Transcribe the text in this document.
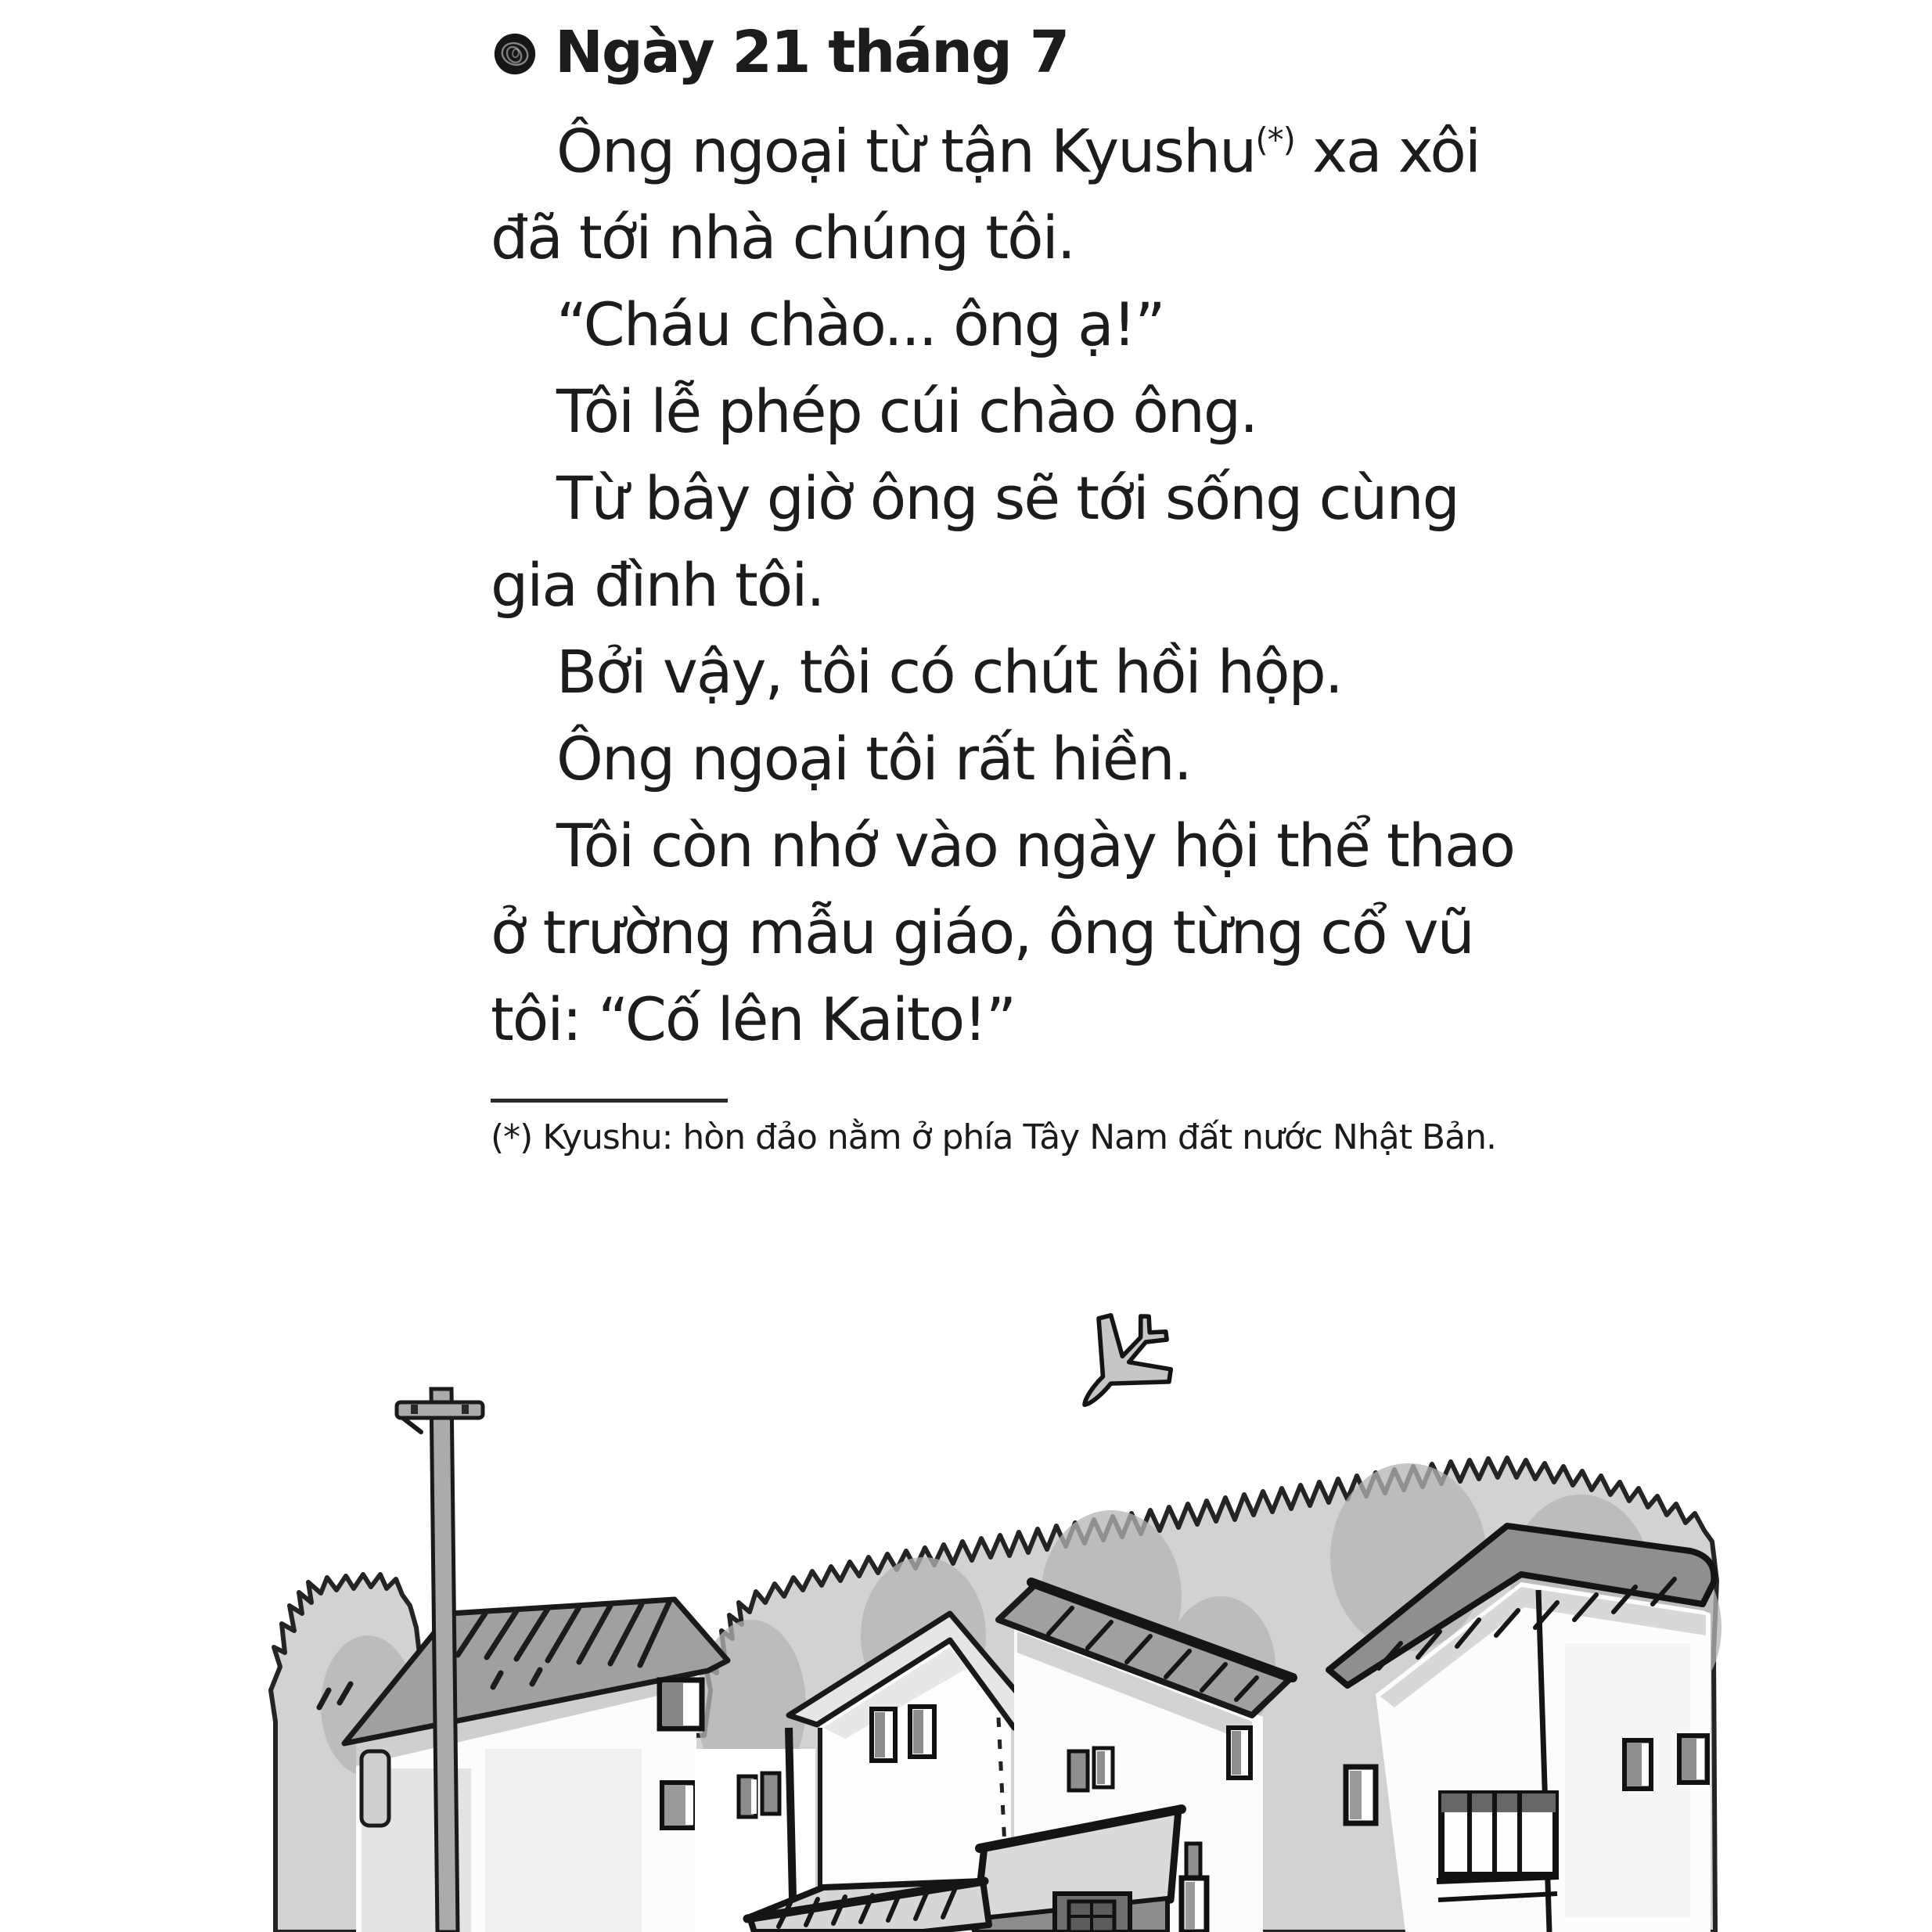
Ngày 21 tháng 7
Ông ngoại từ tận Kyushu(*) xa xôi
đã tới nhà chúng tôi.
“Cháu chào... ông ạ!”
Tôi lễ phép cúi chào ông.
Từ bây giờ ông sẽ tới sống cùng
gia đình tôi.
Bởi vậy, tôi có chút hồi hộp.
Ông ngoại tôi rất hiền.
Tôi còn nhớ vào ngày hội thể thao
ở trường mẫu giáo, ông từng cổ vũ
tôi: “Cố lên Kaito!”
(*) Kyushu: hòn đảo nằm ở phía Tây Nam đất nước Nhật Bản.
